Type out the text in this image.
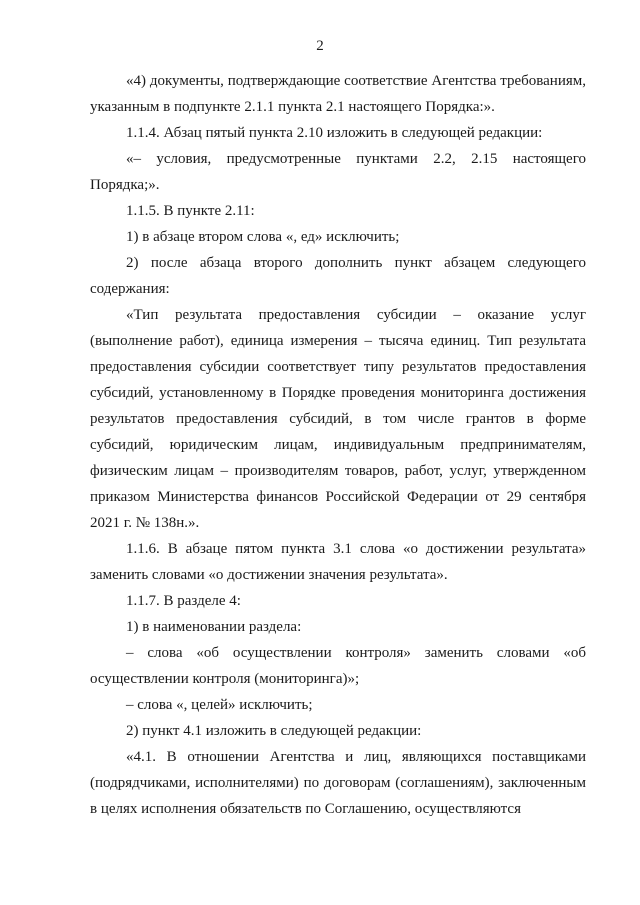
2

«4) документы, подтверждающие соответствие Агентства требованиям, указанным в подпункте 2.1.1 пункта 2.1 настоящего Порядка:».

1.1.4. Абзац пятый пункта 2.10 изложить в следующей редакции:

«– условия, предусмотренные пунктами 2.2, 2.15 настоящего Порядка;».

1.1.5. В пункте 2.11:

1) в абзаце втором слова «, ед» исключить;

2) после абзаца второго дополнить пункт абзацем следующего содержания:

«Тип результата предоставления субсидии – оказание услуг (выполнение работ), единица измерения – тысяча единиц. Тип результата предоставления субсидии соответствует типу результатов предоставления субсидий, установленному в Порядке проведения мониторинга достижения результатов предоставления субсидий, в том числе грантов в форме субсидий, юридическим лицам, индивидуальным предпринимателям, физическим лицам – производителям товаров, работ, услуг, утвержденном приказом Министерства финансов Российской Федерации от 29 сентября 2021 г. № 138н.».

1.1.6. В абзаце пятом пункта 3.1 слова «о достижении результата» заменить словами «о достижении значения результата».

1.1.7. В разделе 4:

1) в наименовании раздела:

– слова «об осуществлении контроля» заменить словами «об осуществлении контроля (мониторинга)»;

– слова «, целей» исключить;

2) пункт 4.1 изложить в следующей редакции:

«4.1. В отношении Агентства и лиц, являющихся поставщиками (подрядчиками, исполнителями) по договорам (соглашениям), заключенным в целях исполнения обязательств по Соглашению, осуществляются
